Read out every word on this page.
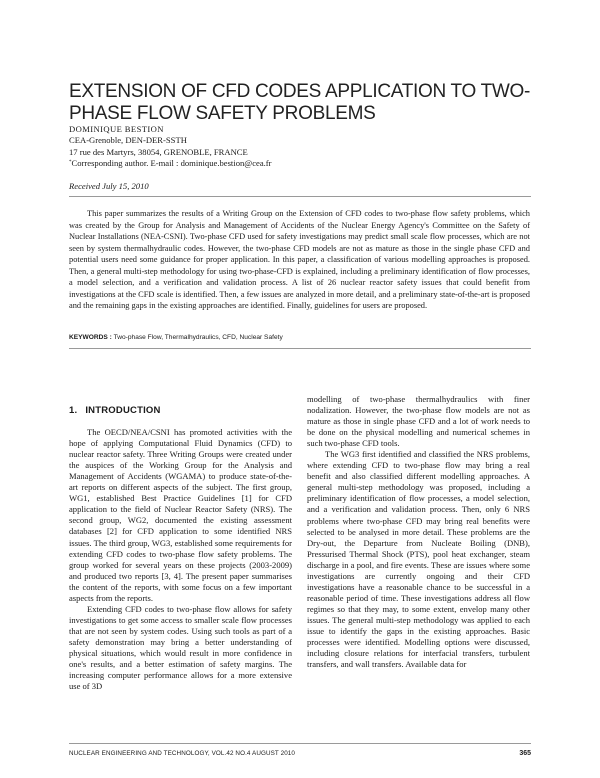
EXTENSION OF CFD CODES APPLICATION TO TWO-PHASE FLOW SAFETY PROBLEMS
DOMINIQUE BESTION
CEA-Grenoble, DEN-DER-SSTH
17 rue des Martyrs, 38054, GRENOBLE, FRANCE
*Corresponding author. E-mail : dominique.bestion@cea.fr
Received July 15, 2010

This paper summarizes the results of a Writing Group on the Extension of CFD codes to two-phase flow safety problems, which was created by the Group for Analysis and Management of Accidents of the Nuclear Energy Agency's Committee on the Safety of Nuclear Installations (NEA-CSNI). Two-phase CFD used for safety investigations may predict small scale flow processes, which are not seen by system thermalhydraulic codes. However, the two-phase CFD models are not as mature as those in the single phase CFD and potential users need some guidance for proper application. In this paper, a classification of various modelling approaches is proposed. Then, a general multi-step methodology for using two-phase-CFD is explained, including a preliminary identification of flow processes, a model selection, and a verification and validation process. A list of 26 nuclear reactor safety issues that could benefit from investigations at the CFD scale is identified. Then, a few issues are analyzed in more detail, and a preliminary state-of-the-art is proposed and the remaining gaps in the existing approaches are identified. Finally, guidelines for users are proposed.

KEYWORDS : Two-phase Flow, Thermalhydraulics, CFD, Nuclear Safety
1. INTRODUCTION

The OECD/NEA/CSNI has promoted activities with the hope of applying Computational Fluid Dynamics (CFD) to nuclear reactor safety. Three Writing Groups were created under the auspices of the Working Group for the Analysis and Management of Accidents (WGAMA) to produce state-of-the-art reports on different aspects of the subject. The first group, WG1, established Best Practice Guidelines [1] for CFD application to the field of Nuclear Reactor Safety (NRS). The second group, WG2, documented the existing assessment databases [2] for CFD application to some identified NRS issues. The third group, WG3, established some requirements for extending CFD codes to two-phase flow safety problems. The group worked for several years on these projects (2003-2009) and produced two reports [3, 4]. The present paper summarises the content of the reports, with some focus on a few important aspects from the reports.

Extending CFD codes to two-phase flow allows for safety investigations to get some access to smaller scale flow processes that are not seen by system codes. Using such tools as part of a safety demonstration may bring a better understanding of physical situations, which would result in more confidence in one's results, and a better estimation of safety margins. The increasing computer performance allows for a more extensive use of 3D

modelling of two-phase thermalhydraulics with finer nodalization. However, the two-phase flow models are not as mature as those in single phase CFD and a lot of work needs to be done on the physical modelling and numerical schemes in such two-phase CFD tools.

The WG3 first identified and classified the NRS problems, where extending CFD to two-phase flow may bring a real benefit and also classified different modelling approaches. A general multi-step methodology was proposed, including a preliminary identification of flow processes, a model selection, and a verification and validation process. Then, only 6 NRS problems where two-phase CFD may bring real benefits were selected to be analysed in more detail. These problems are the Dry-out, the Departure from Nucleate Boiling (DNB), Pressurised Thermal Shock (PTS), pool heat exchanger, steam discharge in a pool, and fire events. These are issues where some investigations are currently ongoing and their CFD investigations have a reasonable chance to be successful in a reasonable period of time. These investigations address all flow regimes so that they may, to some extent, envelop many other issues. The general multi-step methodology was applied to each issue to identify the gaps in the existing approaches. Basic processes were identified. Modelling options were discussed, including closure relations for interfacial transfers, turbulent transfers, and wall transfers. Available data for

NUCLEAR ENGINEERING AND TECHNOLOGY, VOL.42 NO.4 AUGUST 2010	365
